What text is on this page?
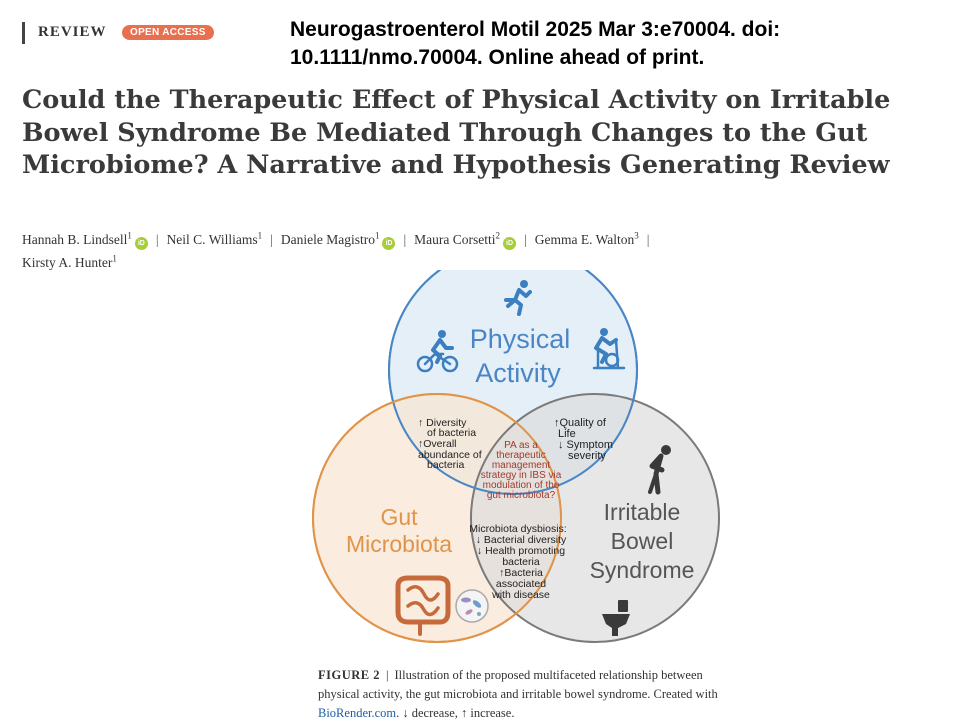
REVIEW	OPEN ACCESS	Neurogastroenterol Motil 2025 Mar 3:e70004. doi:
10.1111/nmo.70004. Online ahead of print.
Could the Therapeutic Effect of Physical Activity on Irritable Bowel Syndrome Be Mediated Through Changes to the Gut Microbiome? A Narrative and Hypothesis Generating Review
Hannah B. Lindsell$^1$iD | Neil C. Williams$^1$ | Daniele Magistro$^1$iD | Maura Corsetti$^2$iD | Gemma E. Walton$^3$ |
Kirsty A. Hunter$^1$
Physical
Activity
Gut
Microbiota
Irritable
Bowel
Syndrome
↑ Diversity
of bacteria
↑Overall
abundance of
bacteria
↑Quality of
Life
↓ Symptom
severity
PA as a
therapeutic
management
strategy in IBS via
modulation of the
gut microbiota?
Microbiota dysbiosis:
↓ Bacterial diversity
↓ Health promoting
bacteria
↑Bacteria
associated
with disease
FIGURE 2 | Illustration of the proposed multifaceted relationship between physical activity, the gut microbiota and irritable bowel syndrome. Created with BioRender.com. ↓ decrease, ↑ increase.
